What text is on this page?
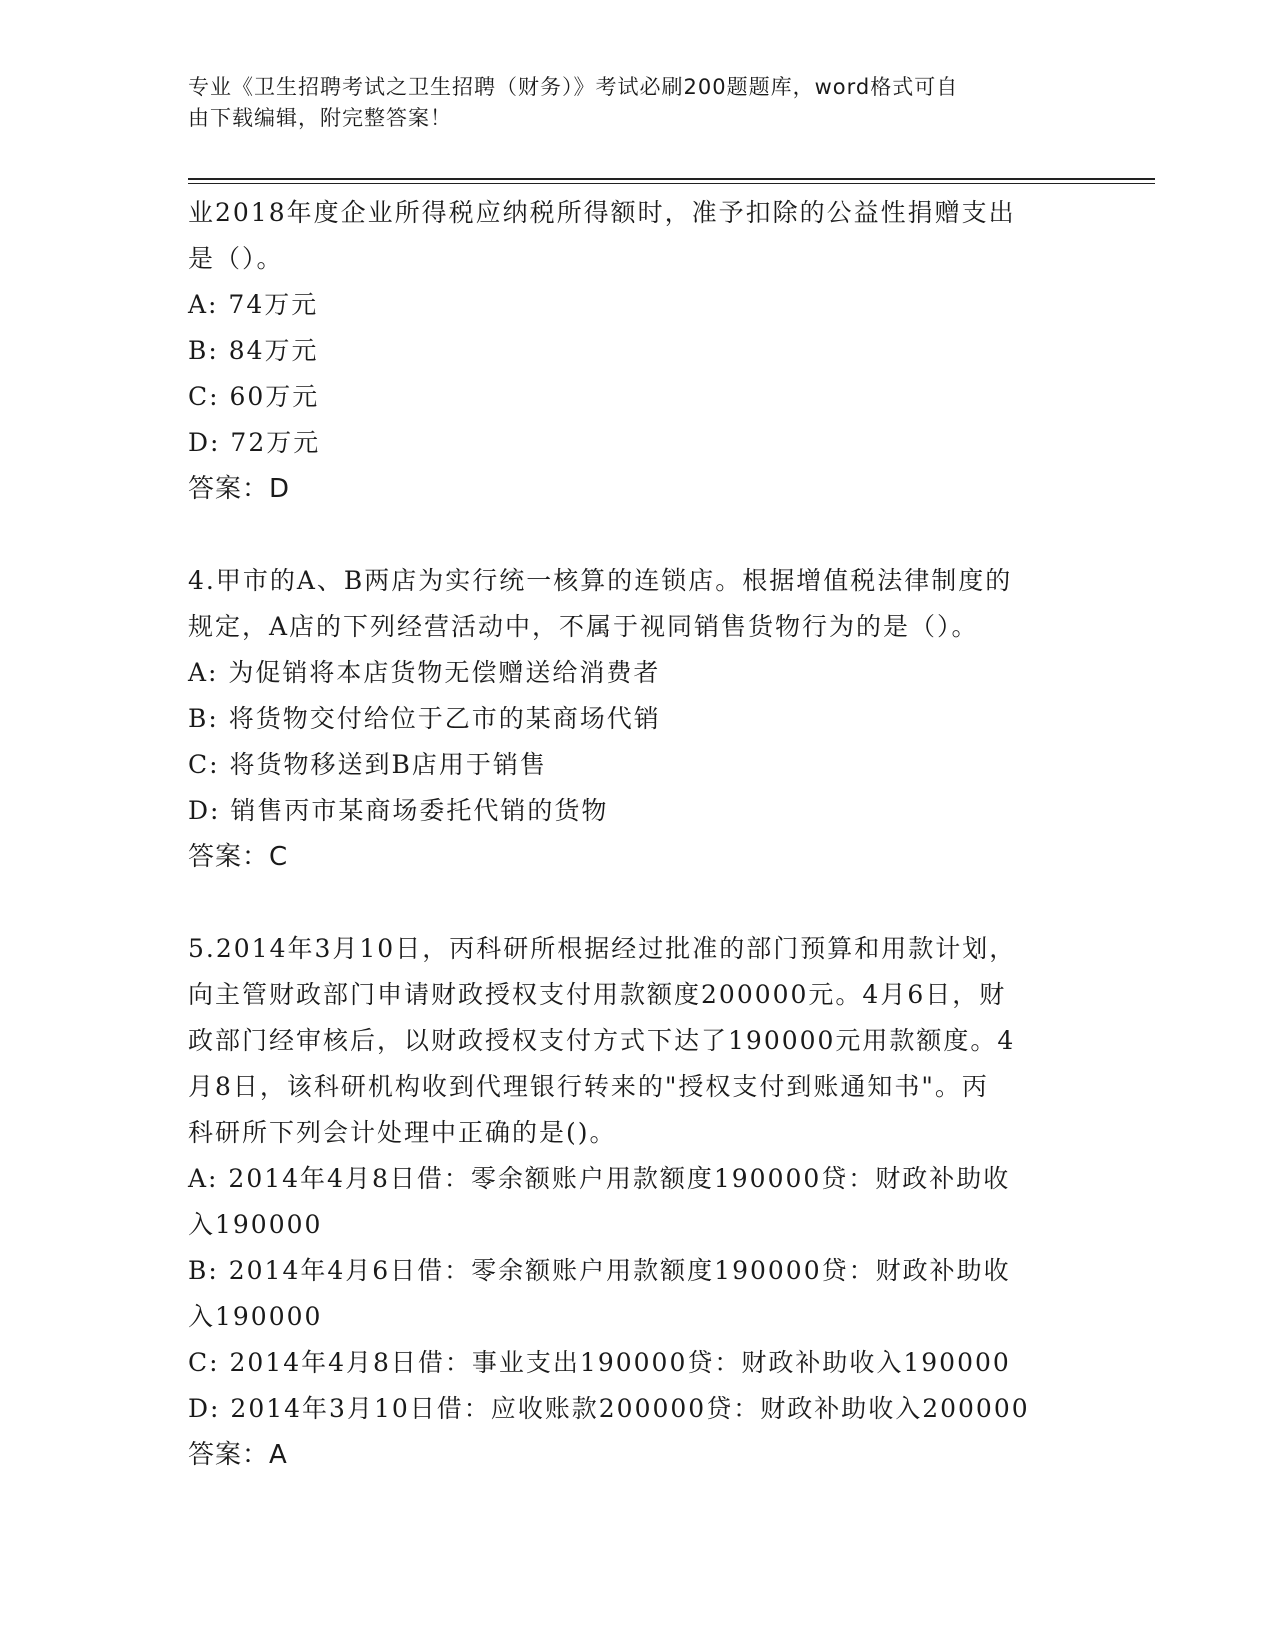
专业《卫生招聘考试之卫生招聘（财务）》考试必刷200题题库，word格式可自
由下载编辑，附完整答案！
业2018年度企业所得税应纳税所得额时，准予扣除的公益性捐赠支出
是（）。
A: 74万元
B: 84万元
C: 60万元
D: 72万元
答案：D
4.甲市的A、B两店为实行统一核算的连锁店。根据增值税法律制度的
规定，A店的下列经营活动中，不属于视同销售货物行为的是（）。
A: 为促销将本店货物无偿赠送给消费者
B: 将货物交付给位于乙市的某商场代销
C: 将货物移送到B店用于销售
D: 销售丙市某商场委托代销的货物
答案：C
5.2014年3月10日，丙科研所根据经过批准的部门预算和用款计划，
向主管财政部门申请财政授权支付用款额度200000元。4月6日，财
政部门经审核后，以财政授权支付方式下达了190000元用款额度。4
月8日，该科研机构收到代理银行转来的"授权支付到账通知书"。丙
科研所下列会计处理中正确的是()。
A: 2014年4月8日借：零余额账户用款额度190000贷：财政补助收
入190000
B: 2014年4月6日借：零余额账户用款额度190000贷：财政补助收
入190000
C: 2014年4月8日借：事业支出190000贷：财政补助收入190000
D: 2014年3月10日借：应收账款200000贷：财政补助收入200000
答案：A
